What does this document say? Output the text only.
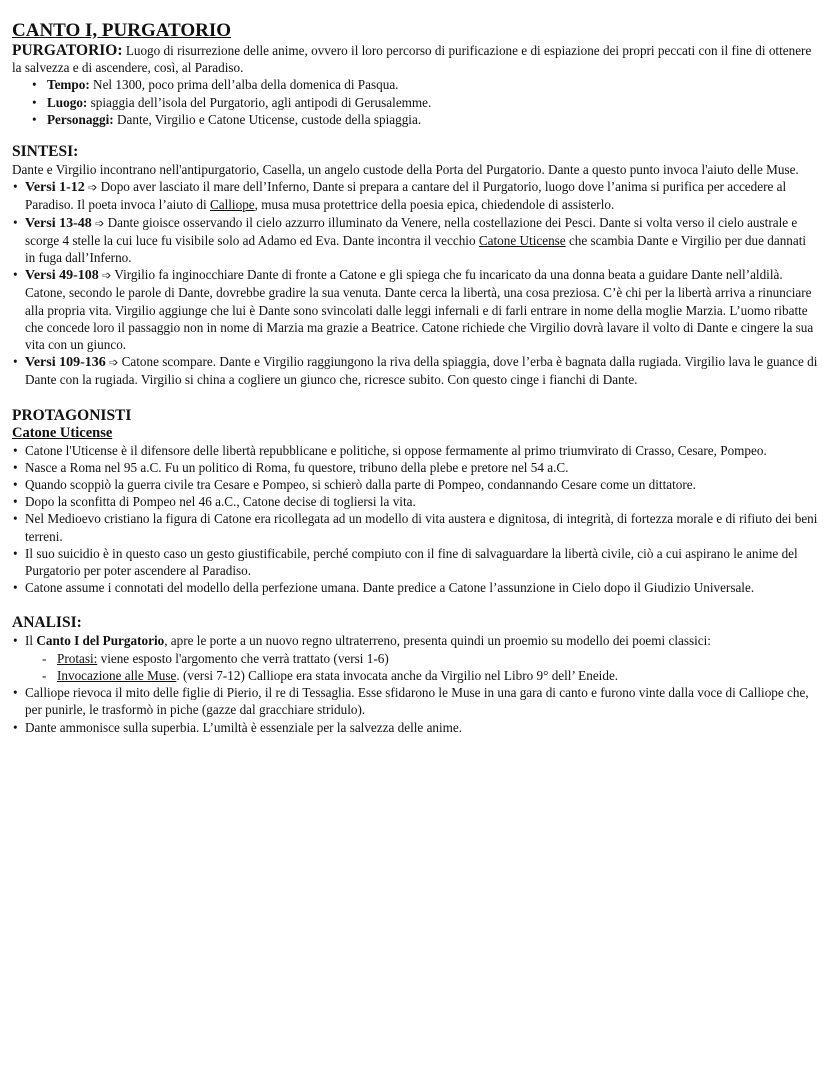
CANTO I, PURGATORIO

PURGATORIO: Luogo di risurrezione delle anime, ovvero il loro percorso di purificazione e di espiazione dei propri peccati con il fine di ottenere la salvezza e di ascendere, così, al Paradiso.

• Tempo: Nel 1300, poco prima dell’alba della domenica di Pasqua.
• Luogo: spiaggia dell’isola del Purgatorio, agli antipodi di Gerusalemme.
• Personaggi: Dante, Virgilio e Catone Uticense, custode della spiaggia.
SINTESI:

Dante e Virgilio incontrano nell'antipurgatorio, Casella, un angelo custode della Porta del Purgatorio. Dante a questo punto invoca l'aiuto delle Muse.

• Versi 1-12 ➩ Dopo aver lasciato il mare dell’Inferno, Dante si prepara a cantare del il Purgatorio, luogo dove l’anima si purifica per accedere al Paradiso. Il poeta invoca l’aiuto di Calliope, musa musa protettrice della poesia epica, chiedendole di assisterlo.
• Versi 13-48 ➩ Dante gioisce osservando il cielo azzurro illuminato da Venere, nella costellazione dei Pesci. Dante si volta verso il cielo australe e scorge 4 stelle la cui luce fu visibile solo ad Adamo ed Eva. Dante incontra il vecchio Catone Uticense che scambia Dante e Virgilio per due dannati in fuga dall’Inferno.
• Versi 49-108 ➩ Virgilio fa inginocchiare Dante di fronte a Catone e gli spiega che fu incaricato da una donna beata a guidare Dante nell’aldilà. Catone, secondo le parole di Dante, dovrebbe gradire la sua venuta. Dante cerca la libertà, una cosa preziosa. C’è chi per la libertà arriva a rinunciare alla propria vita. Virgilio aggiunge che lui è Dante sono svincolati dalle leggi infernali e di farli entrare in nome della moglie Marzia. L’uomo ribatte che concede loro il passaggio non in nome di Marzia ma grazie a Beatrice. Catone richiede che Virgilio dovrà lavare il volto di Dante e cingere la sua vita con un giunco.
• Versi 109-136 ➩ Catone scompare. Dante e Virgilio raggiungono la riva della spiaggia, dove l’erba è bagnata dalla rugiada. Virgilio lava le guance di Dante con la rugiada. Virgilio si china a cogliere un giunco che, ricresce subito. Con questo cinge i fianchi di Dante.
PROTAGONISTI
Catone Uticense
• Catone l'Uticense è il difensore delle libertà repubblicane e politiche, si oppose fermamente al primo triumvirato di Crasso, Cesare, Pompeo.
• Nasce a Roma nel 95 a.C. Fu un politico di Roma, fu questore, tribuno della plebe e pretore nel 54 a.C.
• Quando scoppiò la guerra civile tra Cesare e Pompeo, si schierò dalla parte di Pompeo, condannando Cesare come un dittatore.
• Dopo la sconfitta di Pompeo nel 46 a.C., Catone decise di togliersi la vita.
• Nel Medioevo cristiano la figura di Catone era ricollegata ad un modello di vita austera e dignitosa, di integrità, di fortezza morale e di rifiuto dei beni terreni.
• Il suo suicidio è in questo caso un gesto giustificabile, perché compiuto con il fine di salvaguardare la libertà civile, ciò a cui aspirano le anime del Purgatorio per poter ascendere al Paradiso.
• Catone assume i connotati del modello della perfezione umana. Dante predice a Catone l’assunzione in Cielo dopo il Giudizio Universale.
ANALISI:
• Il Canto I del Purgatorio, apre le porte a un nuovo regno ultraterreno, presenta quindi un proemio su modello dei poemi classici:
- Protasi: viene esposto l'argomento che verrà trattato (versi 1-6)
- Invocazione alle Muse. (versi 7-12) Calliope era stata invocata anche da Virgilio nel Libro 9° dell’ Eneide.
• Calliope rievoca il mito delle figlie di Pierio, il re di Tessaglia. Esse sfidarono le Muse in una gara di canto e furono vinte dalla voce di Calliope che, per punirle, le trasformò in piche (gazze dal gracchiare stridulo).
• Dante ammonisce sulla superbia. L’umiltà è essenziale per la salvezza delle anime.
